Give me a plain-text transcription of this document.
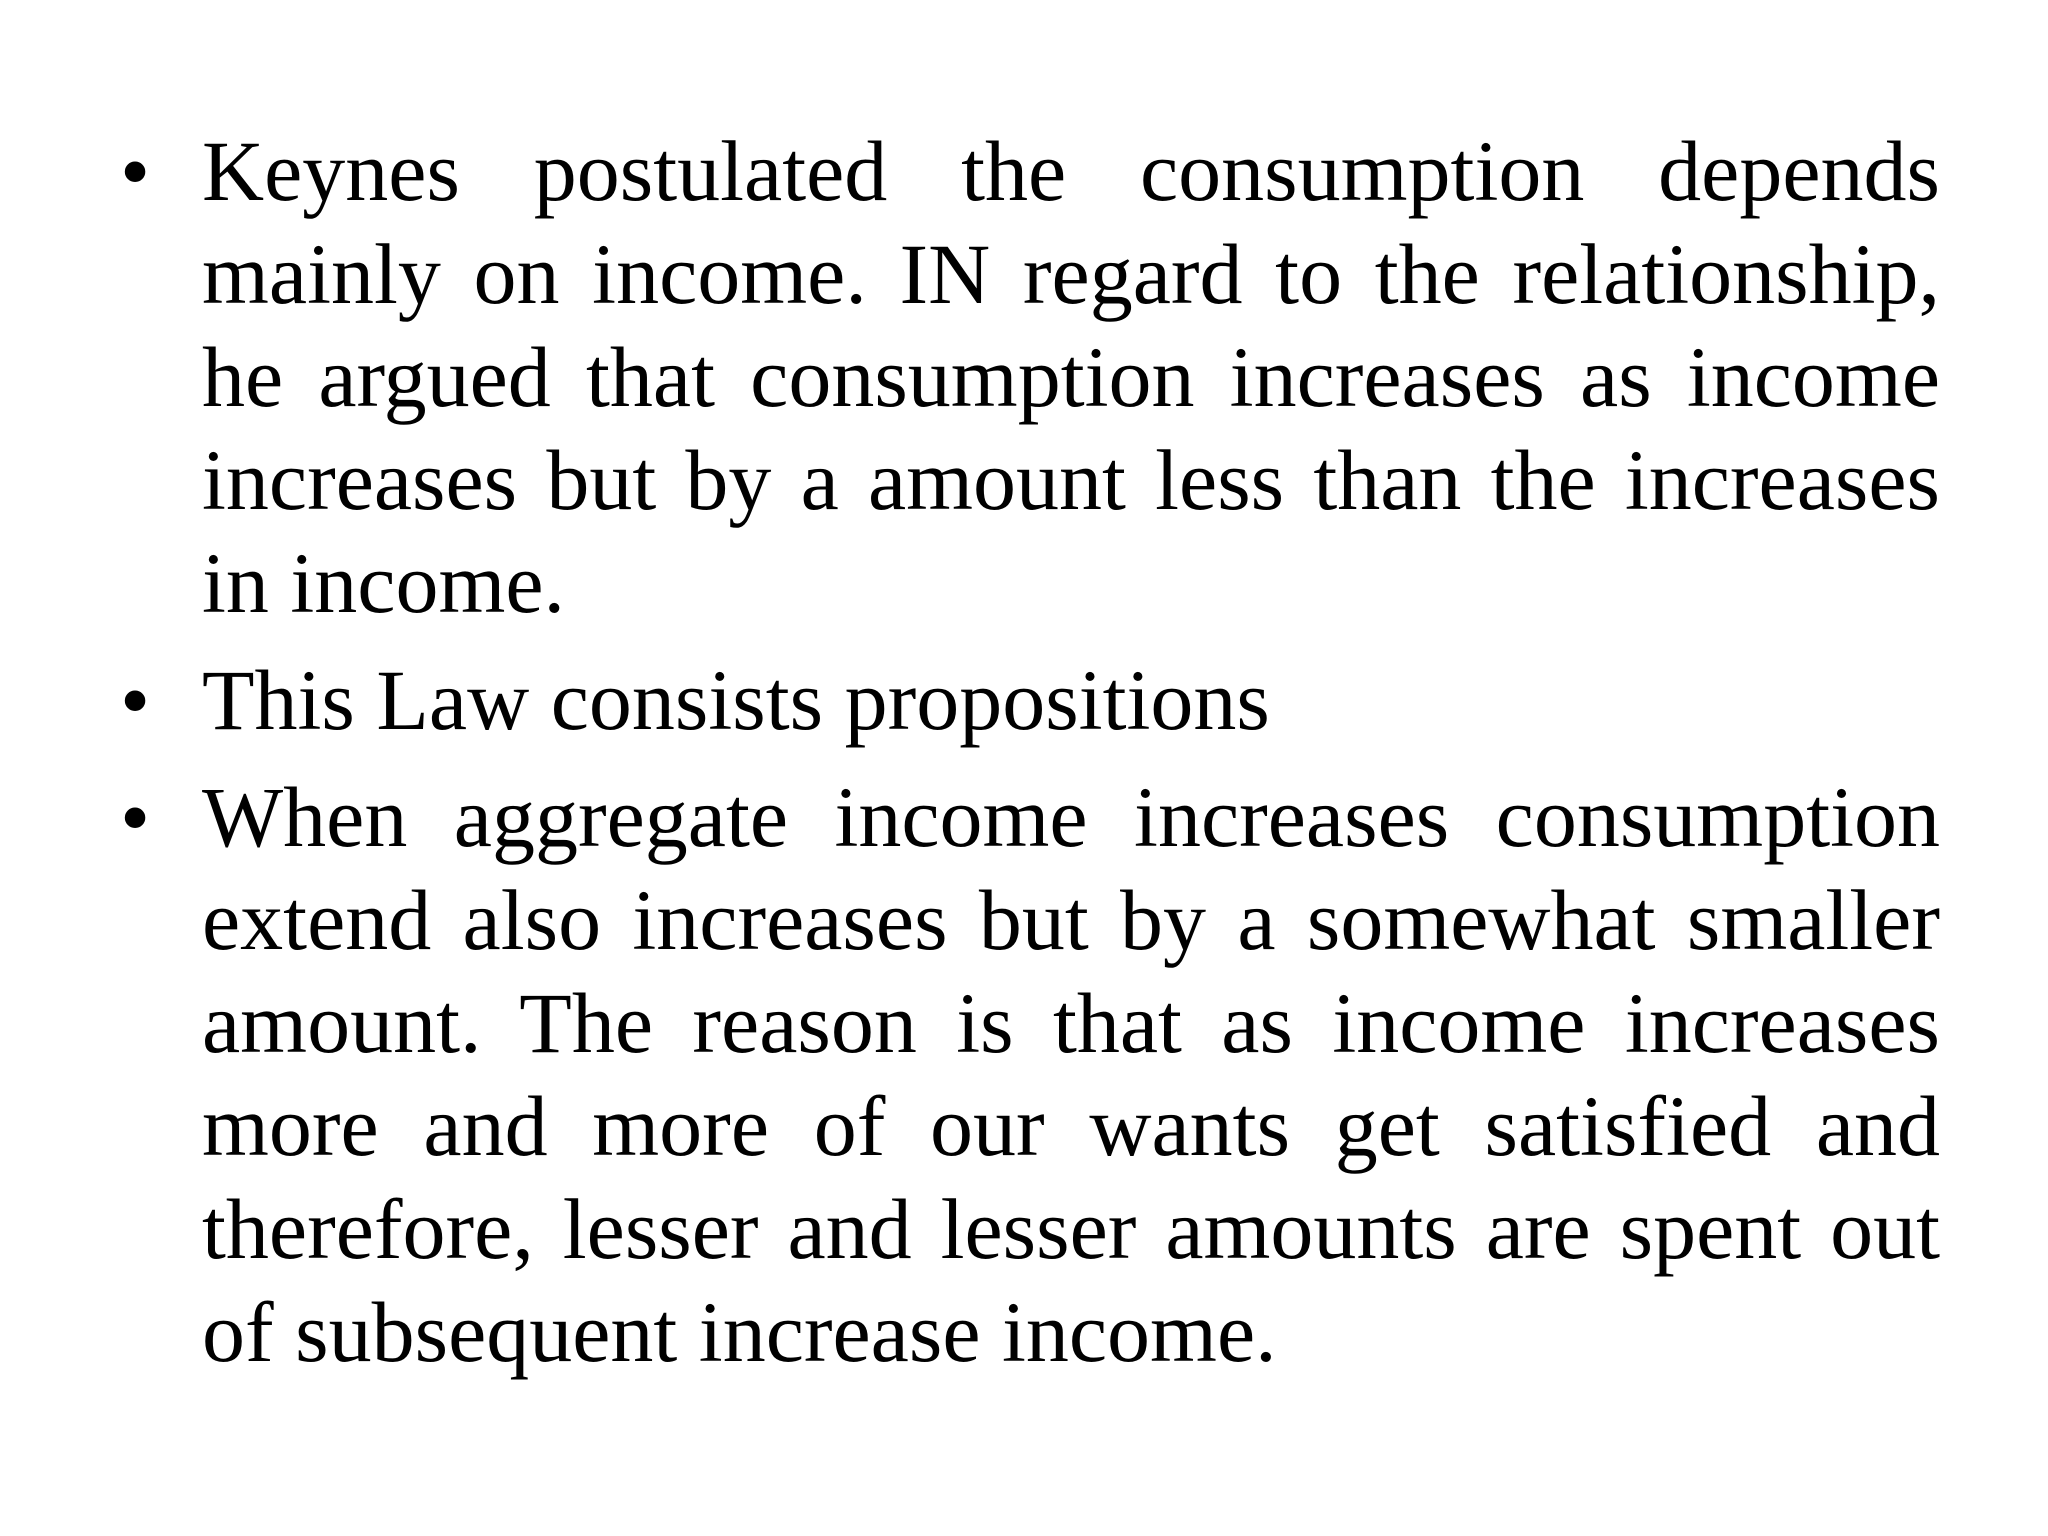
• Keynes postulated the consumption depends mainly on income. IN regard to the relationship, he argued that consumption increases as income increases but by a amount less than the increases in income.
• This Law consists propositions
• When aggregate income increases consumption extend also increases but by a somewhat smaller amount. The reason is that as income increases more and more of our wants get satisfied and therefore, lesser and lesser amounts are spent out of subsequent increase income.
